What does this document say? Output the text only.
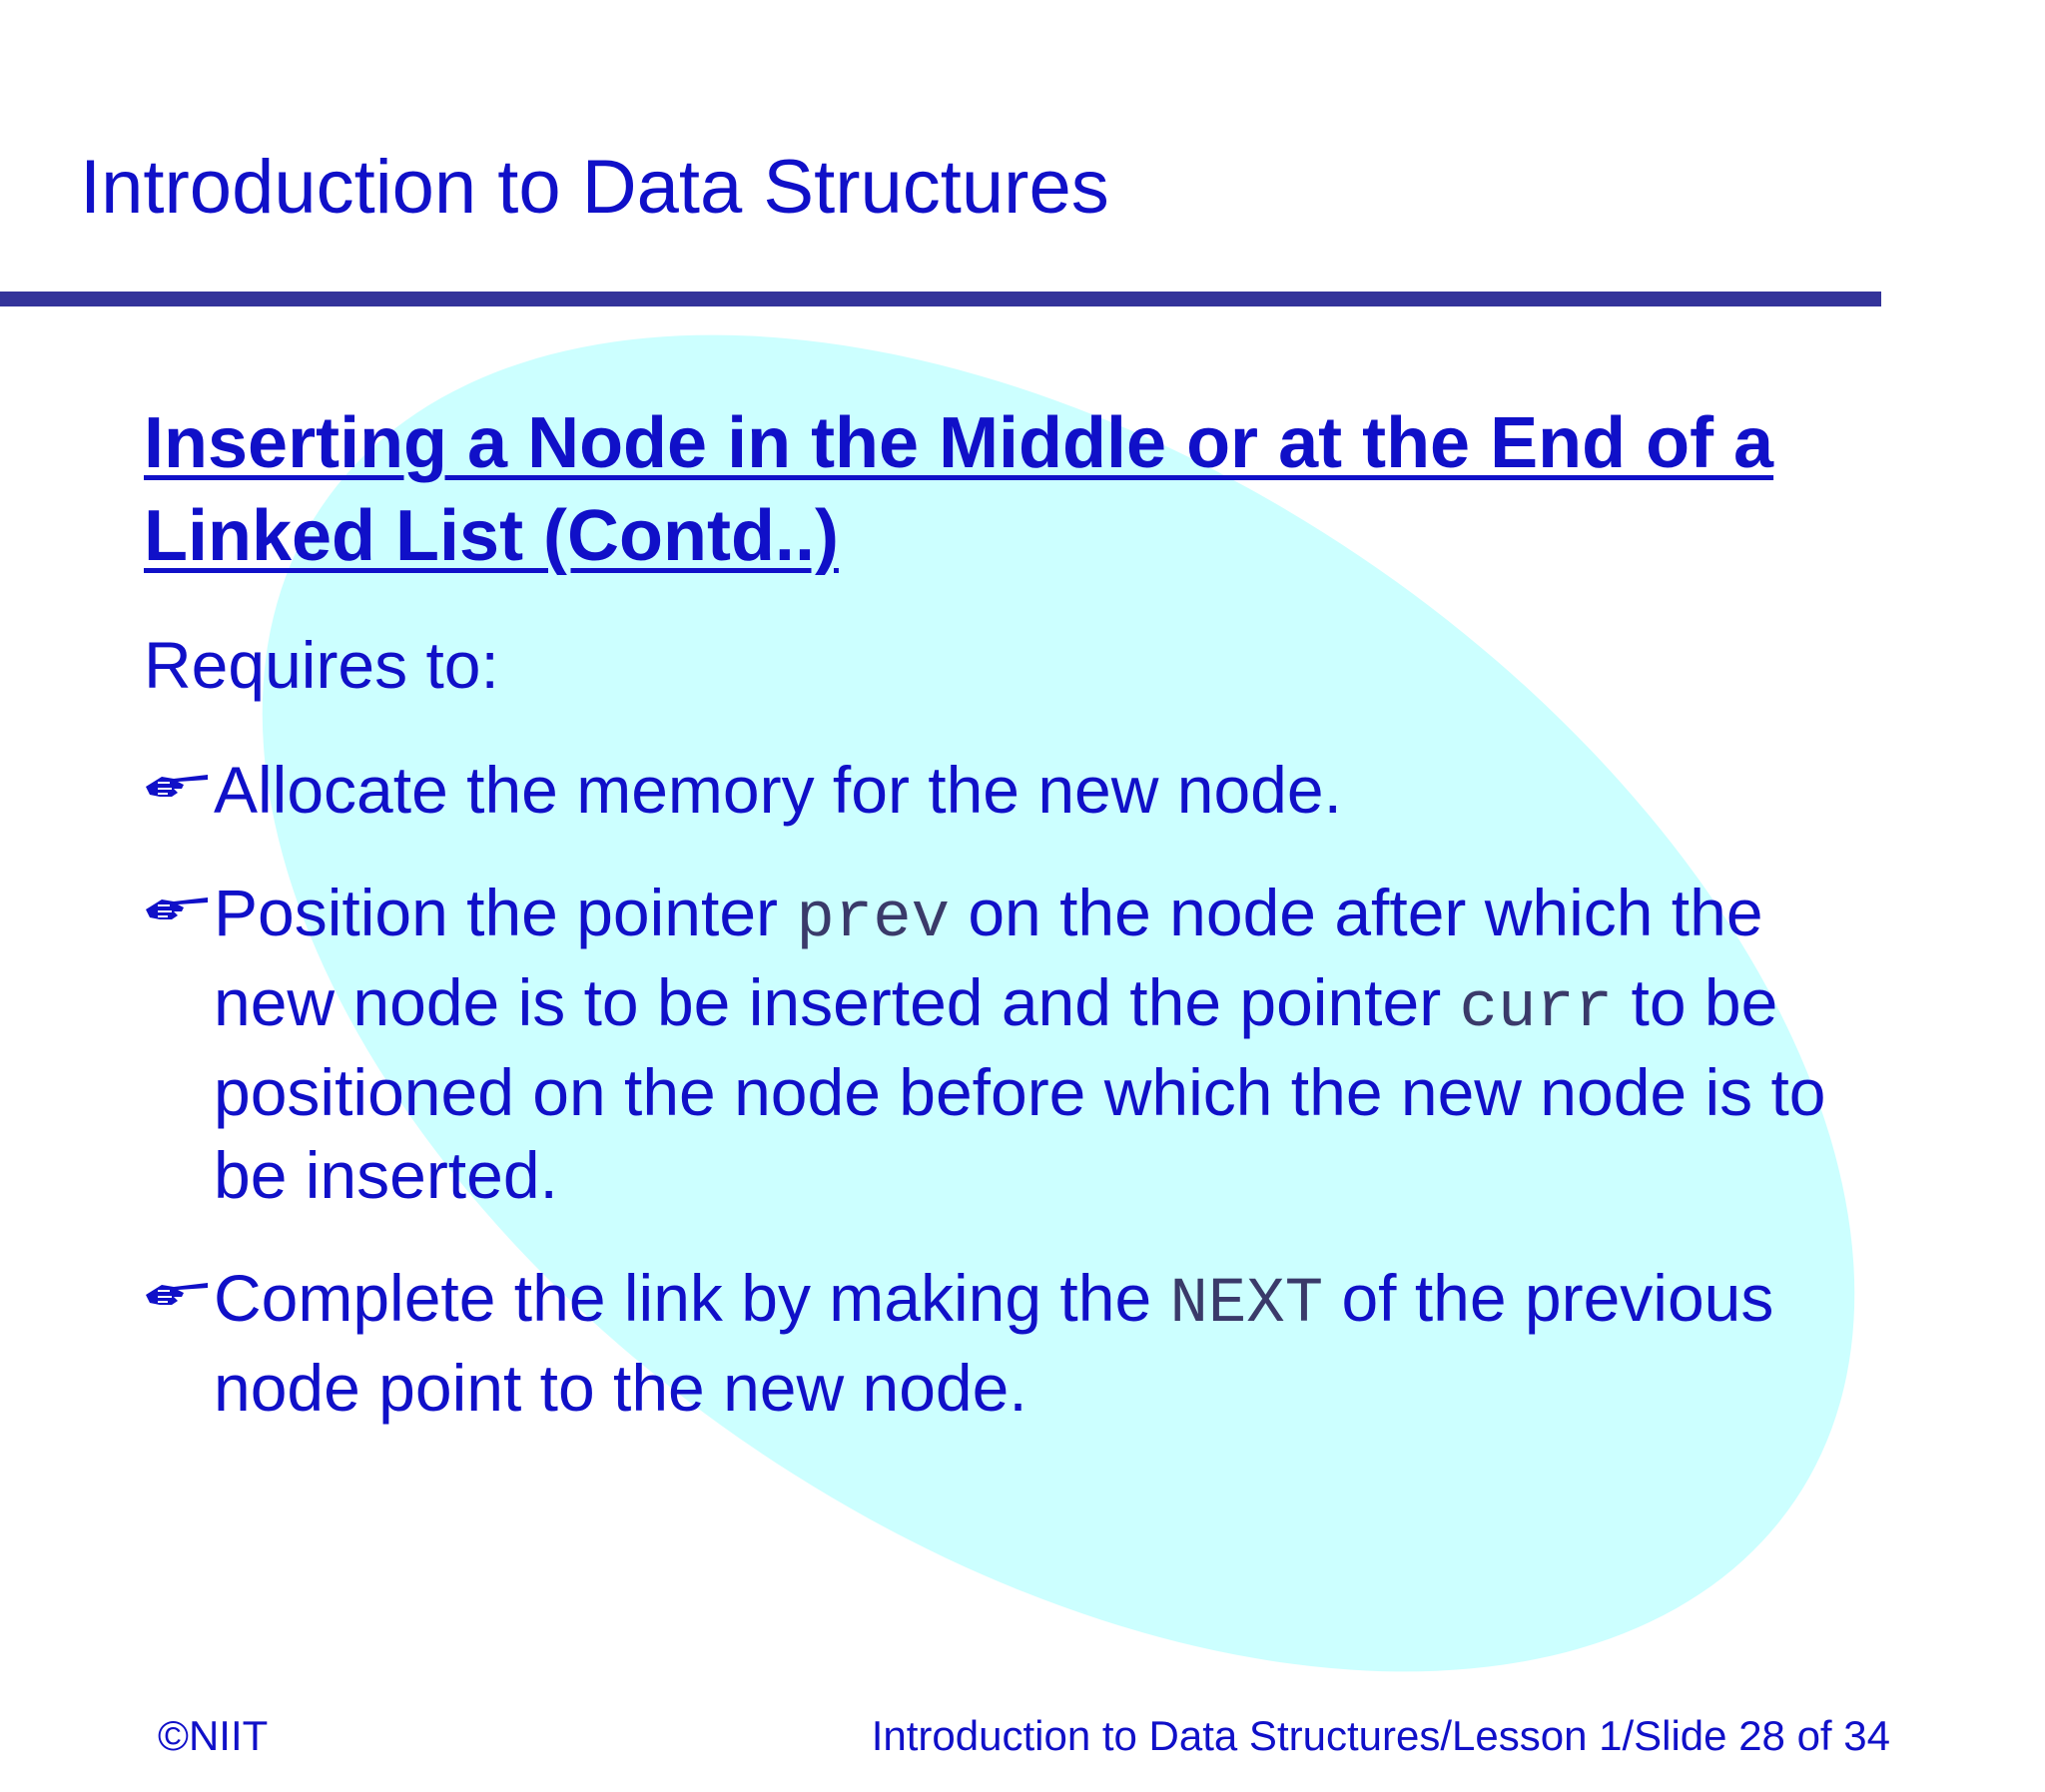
Introduction to Data Structures
Inserting a Node in the Middle or at the End of a Linked List (Contd..)
Requires to:
Allocate the memory for the new node.
Position the pointer prev on the node after which the new node is to be inserted and the pointer curr to be positioned on the node before which the new node is to be inserted.
Complete the link by making the NEXT of the previous node point to the new node.
©NIIT	Introduction to Data Structures/Lesson 1/Slide 28 of 34
